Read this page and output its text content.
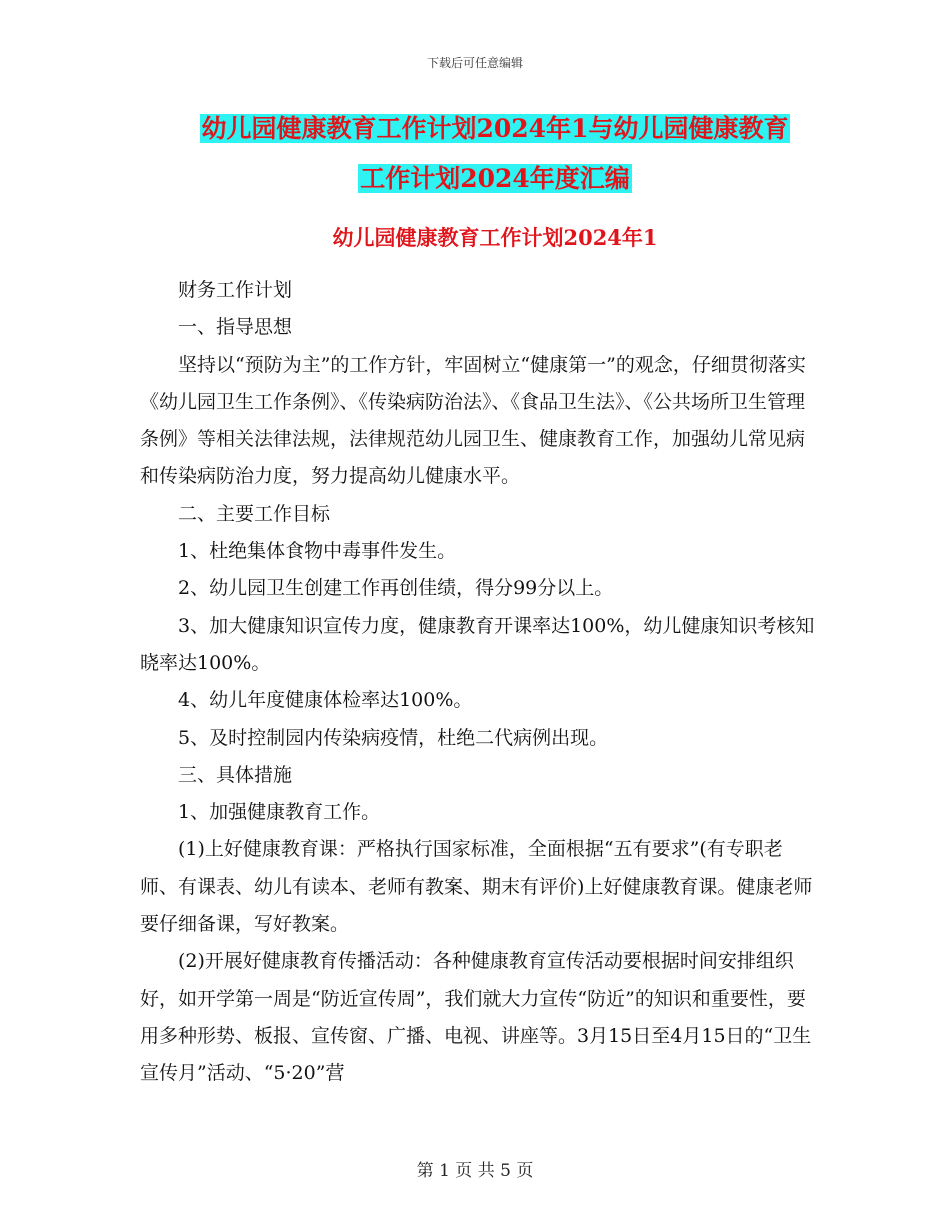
下载后可任意编辑
幼儿园健康教育工作计划2024年1与幼儿园健康教育
工作计划2024年度汇编
幼儿园健康教育工作计划2024年1

财务工作计划

一、指导思想

坚持以“预防为主”的工作方针，牢固树立“健康第一”的观念，仔细贯彻落实《幼儿园卫生工作条例》、《传染病防治法》、《食品卫生法》、《公共场所卫生管理条例》等相关法律法规，法律规范幼儿园卫生、健康教育工作，加强幼儿常见病和传染病防治力度，努力提高幼儿健康水平。

二、主要工作目标

1、杜绝集体食物中毒事件发生。

2、幼儿园卫生创建工作再创佳绩，得分99分以上。

3、加大健康知识宣传力度，健康教育开课率达100%，幼儿健康知识考核知晓率达100%。

4、幼儿年度健康体检率达100%。

5、及时控制园内传染病疫情，杜绝二代病例出现。

三、具体措施

1、加强健康教育工作。

(1)上好健康教育课：严格执行国家标准，全面根据“五有要求”(有专职老师、有课表、幼儿有读本、老师有教案、期末有评价)上好健康教育课。健康老师要仔细备课，写好教案。

(2)开展好健康教育传播活动：各种健康教育宣传活动要根据时间安排组织好，如开学第一周是“防近宣传周”，我们就大力宣传“防近”的知识和重要性，要用多种形势、板报、宣传窗、广播、电视、讲座等。3月15日至4月15日的“卫生宣传月”活动、“5·20”营

第 1 页 共 5 页
